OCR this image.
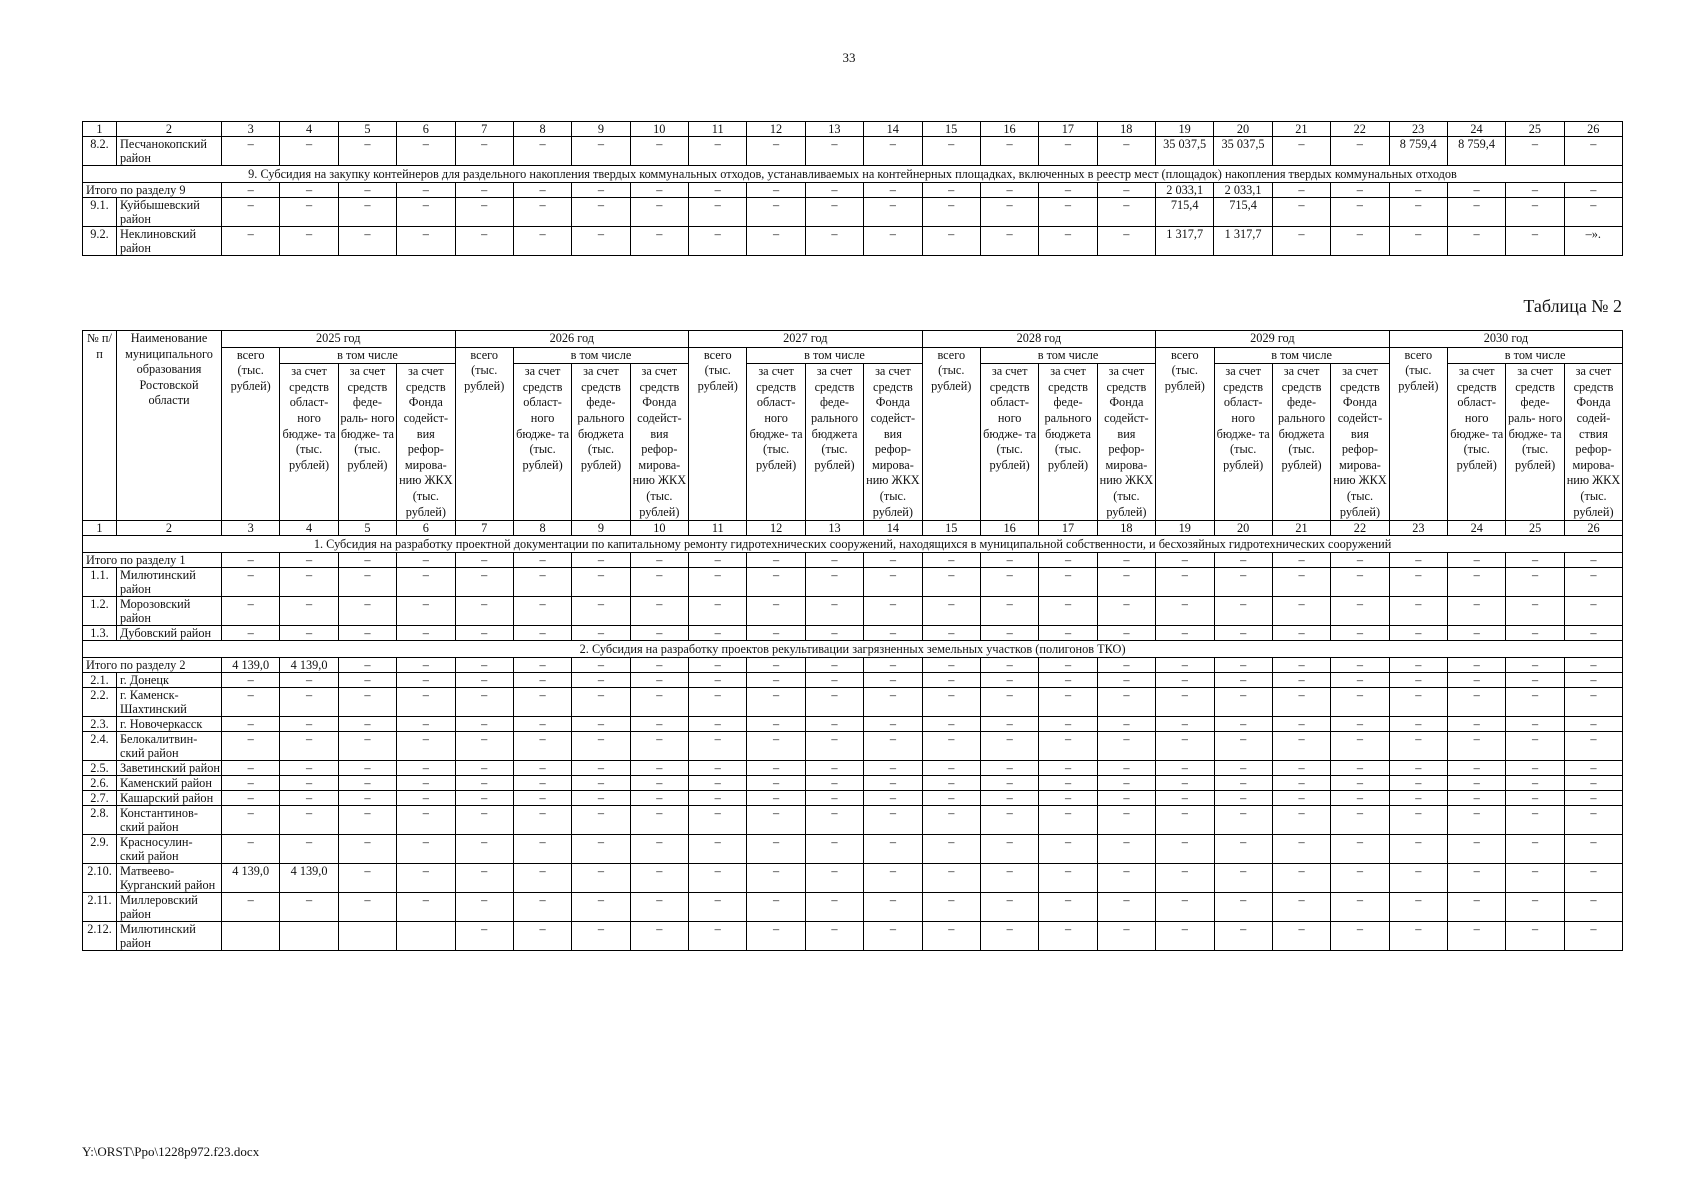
33
1	2	3	4	5	6	7	8	9	10	11	12	13	14	15	16	17	18	19	20	21	22	23	24	25	26
8.2.	Песчанокопский район	–	–	–	–	–	–	–	–	–	–	–	–	–	–	–	–	35 037,5	35 037,5	–	–	8 759,4	8 759,4	–	–
9. Субсидия на закупку контейнеров для раздельного накопления твердых коммунальных отходов, устанавливаемых на контейнерных площадках, включенных в реестр мест (площадок) накопления твердых коммунальных отходов																									
Итого по разделу 9		–	–	–	–	–	–	–	–	–	–	–	–	–	–	–	–	2 033,1	2 033,1	–	–	–	–	–	–
9.1.	Куйбышевский район	–	–	–	–	–	–	–	–	–	–	–	–	–	–	–	–	715,4	715,4	–	–	–	–	–	–
9.2.	Неклиновский район	–	–	–	–	–	–	–	–	–	–	–	–	–	–	–	–	1 317,7	1 317,7	–	–	–	–	–	–».
Таблица № 2
№ п/п	Наименование муниципального образования Ростовской области	2025 год				2026 год				2027 год				2028 год				2029 год				2030 год			
		всего (тыс. рублей)	в том числе			всего (тыс. рублей)	в том числе			всего (тыс. рублей)	в том числе			всего (тыс. рублей)	в том числе			всего (тыс. рублей)	в том числе			всего (тыс. рублей)	в том числе		
			за счет средств област- ного бюдже- та (тыс. рублей)	за счет средств феде- раль- ного бюдже- та (тыс. рублей)	за счет средств Фонда содейст- вия рефор- мирова- нию ЖКХ (тыс. рублей)		за счет средств област- ного бюдже- та (тыс. рублей)	за счет средств феде- рального бюджета (тыс. рублей)	за счет средств Фонда содейст- вия рефор- мирова- нию ЖКХ (тыс. рублей)		за счет средств област- ного бюдже- та (тыс. рублей)	за счет средств феде- рального бюджета (тыс. рублей)	за счет средств Фонда содейст- вия рефор- мирова- нию ЖКХ (тыс. рублей)		за счет средств област- ного бюдже- та (тыс. рублей)	за счет средств феде- рального бюджета (тыс. рублей)	за счет средств Фонда содейст- вия рефор- мирова- нию ЖКХ (тыс. рублей)		за счет средств област- ного бюдже- та (тыс. рублей)	за счет средств феде- рального бюджета (тыс. рублей)	за счет средств Фонда содейст- вия рефор- мирова- нию ЖКХ (тыс. рублей)		за счет средств област- ного бюдже- та (тыс. рублей)	за счет средств феде- раль- ного бюдже- та (тыс. рублей)	за счет средств Фонда содей- ствия рефор- мирова- нию ЖКХ (тыс. рублей)
1	2	3	4	5	6	7	8	9	10	11	12	13	14	15	16	17	18	19	20	21	22	23	24	25	26
1. Субсидия на разработку проектной документации по капитальному ремонту гидротехнических сооружений, находящихся в муниципальной собственности, и бесхозяйных гидротехнических сооружений																									
Итого по разделу 1		–	–	–	–	–	–	–	–	–	–	–	–	–	–	–	–	–	–	–	–	–	–	–	–
1.1.	Милютинский район	–	–	–	–	–	–	–	–	–	–	–	–	–	–	–	–	–	–	–	–	–	–	–	–
1.2.	Морозовский район	–	–	–	–	–	–	–	–	–	–	–	–	–	–	–	–	–	–	–	–	–	–	–	–
1.3.	Дубовский район	–	–	–	–	–	–	–	–	–	–	–	–	–	–	–	–	–	–	–	–	–	–	–	–
2. Субсидия на разработку проектов рекультивации загрязненных земельных участков (полигонов ТКО)																									
Итого по разделу 2		4 139,0	4 139,0	–	–	–	–	–	–	–	–	–	–	–	–	–	–	–	–	–	–	–	–	–	–
2.1.	г. Донецк	–	–	–	–	–	–	–	–	–	–	–	–	–	–	–	–	–	–	–	–	–	–	–	–
2.2.	г. Каменск-Шахтинский	–	–	–	–	–	–	–	–	–	–	–	–	–	–	–	–	–	–	–	–	–	–	–	–
2.3.	г. Новочеркасск	–	–	–	–	–	–	–	–	–	–	–	–	–	–	–	–	–	–	–	–	–	–	–	–
2.4.	Белокалитвин- ский район	–	–	–	–	–	–	–	–	–	–	–	–	–	–	–	–	–	–	–	–	–	–	–	–
2.5.	Заветинский район	–	–	–	–	–	–	–	–	–	–	–	–	–	–	–	–	–	–	–	–	–	–	–	–
2.6.	Каменский район	–	–	–	–	–	–	–	–	–	–	–	–	–	–	–	–	–	–	–	–	–	–	–	–
2.7.	Кашарский район	–	–	–	–	–	–	–	–	–	–	–	–	–	–	–	–	–	–	–	–	–	–	–	–
2.8.	Константинов- ский район	–	–	–	–	–	–	–	–	–	–	–	–	–	–	–	–	–	–	–	–	–	–	–	–
2.9.	Красносулин- ский район	–	–	–	–	–	–	–	–	–	–	–	–	–	–	–	–	–	–	–	–	–	–	–	–
2.10.	Матвеево- Курганский район	4 139,0	4 139,0	–	–	–	–	–	–	–	–	–	–	–	–	–	–	–	–	–	–	–	–	–	–
2.11.	Миллеровский район	–	–	–	–	–	–	–	–	–	–	–	–	–	–	–	–	–	–	–	–	–	–	–	–
2.12.	Милютинский район					–	–	–	–	–	–	–	–	–	–	–	–	–	–	–	–	–	–	–	–
Y:\ORST\Ppo\1228p972.f23.docx
